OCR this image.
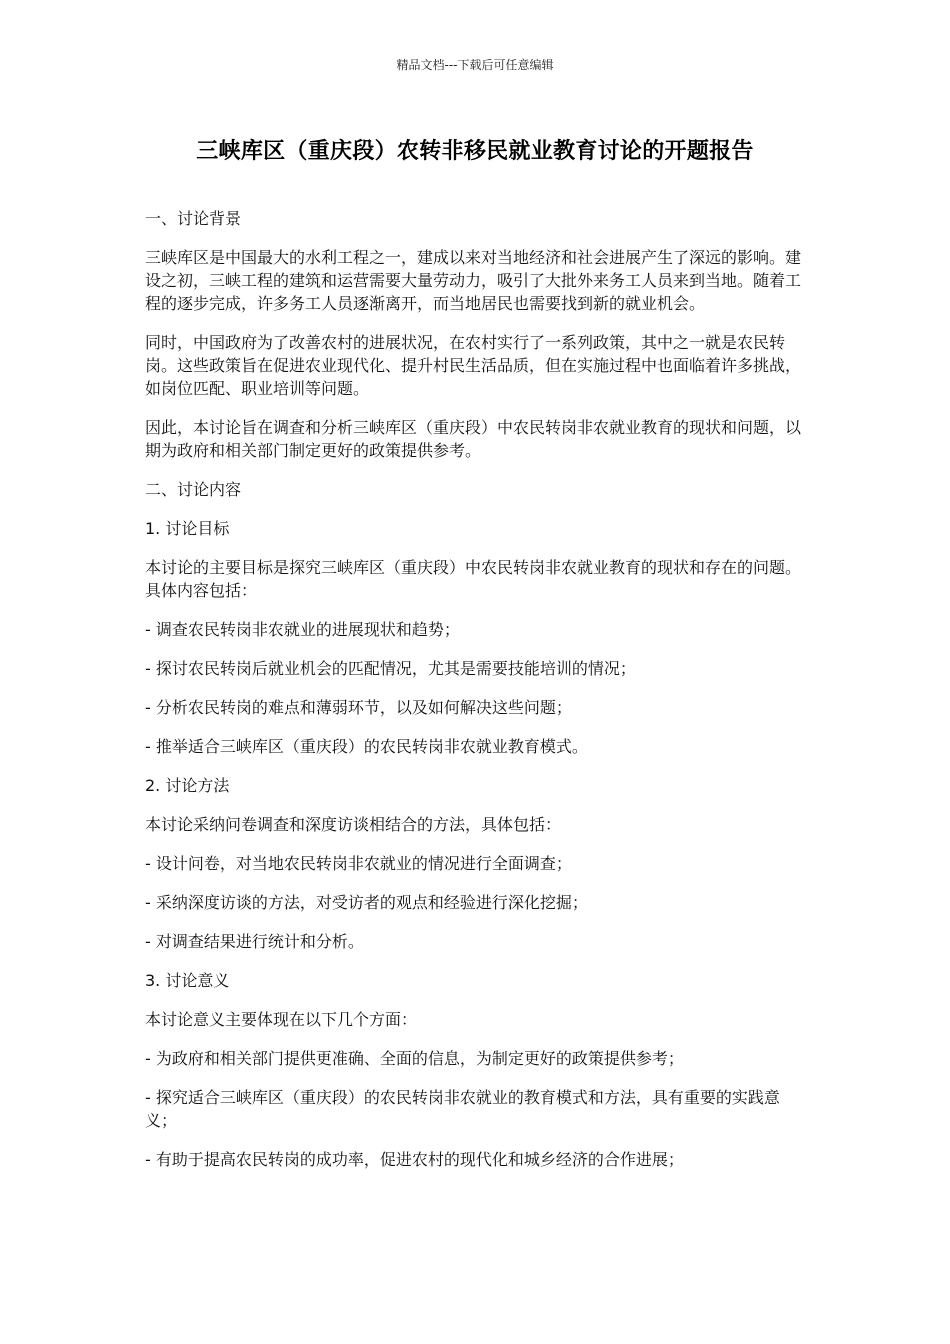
精品文档---下载后可任意编辑
三峡库区（重庆段）农转非移民就业教育讨论的开题报告

一、讨论背景

三峡库区是中国最大的水利工程之一，建成以来对当地经济和社会进展产生了深远的影响。建设之初，三峡工程的建筑和运营需要大量劳动力，吸引了大批外来务工人员来到当地。随着工程的逐步完成，许多务工人员逐渐离开，而当地居民也需要找到新的就业机会。

同时，中国政府为了改善农村的进展状况，在农村实行了一系列政策，其中之一就是农民转岗。这些政策旨在促进农业现代化、提升村民生活品质，但在实施过程中也面临着许多挑战，如岗位匹配、职业培训等问题。

因此，本讨论旨在调查和分析三峡库区（重庆段）中农民转岗非农就业教育的现状和问题，以期为政府和相关部门制定更好的政策提供参考。

二、讨论内容

1. 讨论目标

本讨论的主要目标是探究三峡库区（重庆段）中农民转岗非农就业教育的现状和存在的问题。具体内容包括：

- 调查农民转岗非农就业的进展现状和趋势；

- 探讨农民转岗后就业机会的匹配情况，尤其是需要技能培训的情况；

- 分析农民转岗的难点和薄弱环节，以及如何解决这些问题；

- 推举适合三峡库区（重庆段）的农民转岗非农就业教育模式。

2. 讨论方法

本讨论采纳问卷调查和深度访谈相结合的方法，具体包括：

- 设计问卷，对当地农民转岗非农就业的情况进行全面调查；

- 采纳深度访谈的方法，对受访者的观点和经验进行深化挖掘；

- 对调查结果进行统计和分析。

3. 讨论意义

本讨论意义主要体现在以下几个方面：

- 为政府和相关部门提供更准确、全面的信息，为制定更好的政策提供参考；

- 探究适合三峡库区（重庆段）的农民转岗非农就业的教育模式和方法，具有重要的实践意义；

- 有助于提高农民转岗的成功率，促进农村的现代化和城乡经济的合作进展；
